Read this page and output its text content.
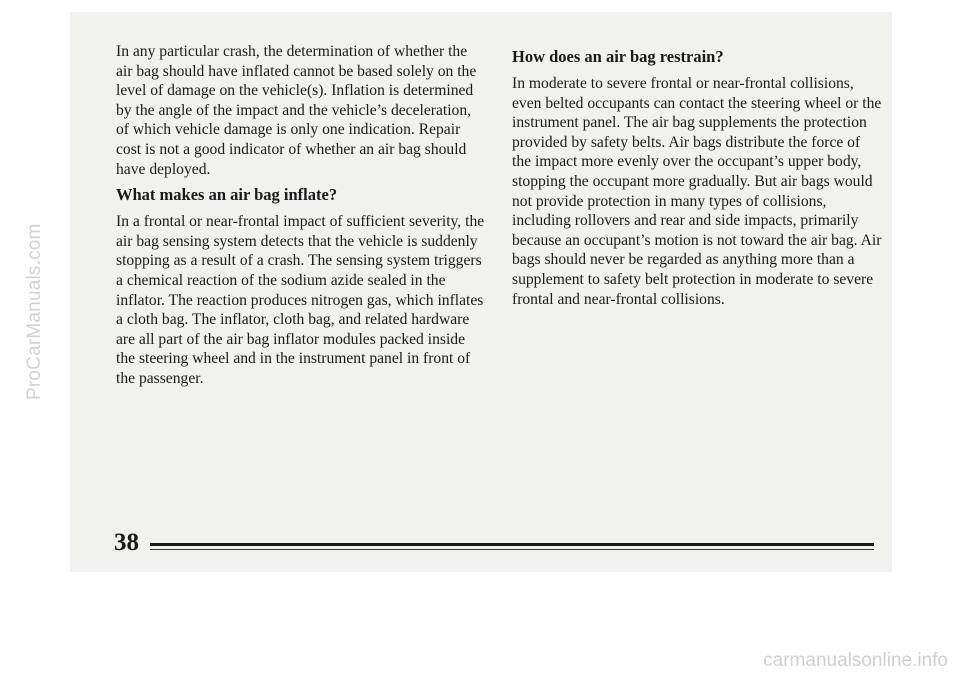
ProCarManuals.com

In any particular crash, the determination of whether the air bag should have inflated cannot be based solely on the level of damage on the vehicle(s). Inflation is determined by the angle of the impact and the vehicle’s deceleration, of which vehicle damage is only one indication. Repair cost is not a good indicator of whether an air bag should have deployed.

What makes an air bag inflate?

In a frontal or near-frontal impact of sufficient severity, the air bag sensing system detects that the vehicle is suddenly stopping as a result of a crash. The sensing system triggers a chemical reaction of the sodium azide sealed in the inflator. The reaction produces nitrogen gas, which inflates a cloth bag. The inflator, cloth bag, and related hardware are all part of the air bag inflator modules packed inside the steering wheel and in the instrument panel in front of the passenger.

How does an air bag restrain?

In moderate to severe frontal or near-frontal collisions, even belted occupants can contact the steering wheel or the instrument panel. The air bag supplements the protection provided by safety belts. Air bags distribute the force of the impact more evenly over the occupant’s upper body, stopping the occupant more gradually. But air bags would not provide protection in many types of collisions, including rollovers and rear and side impacts, primarily because an occupant’s motion is not toward the air bag. Air bags should never be regarded as anything more than a supplement to safety belt protection in moderate to severe frontal and near-frontal collisions.

38
carmanualsonline.info
